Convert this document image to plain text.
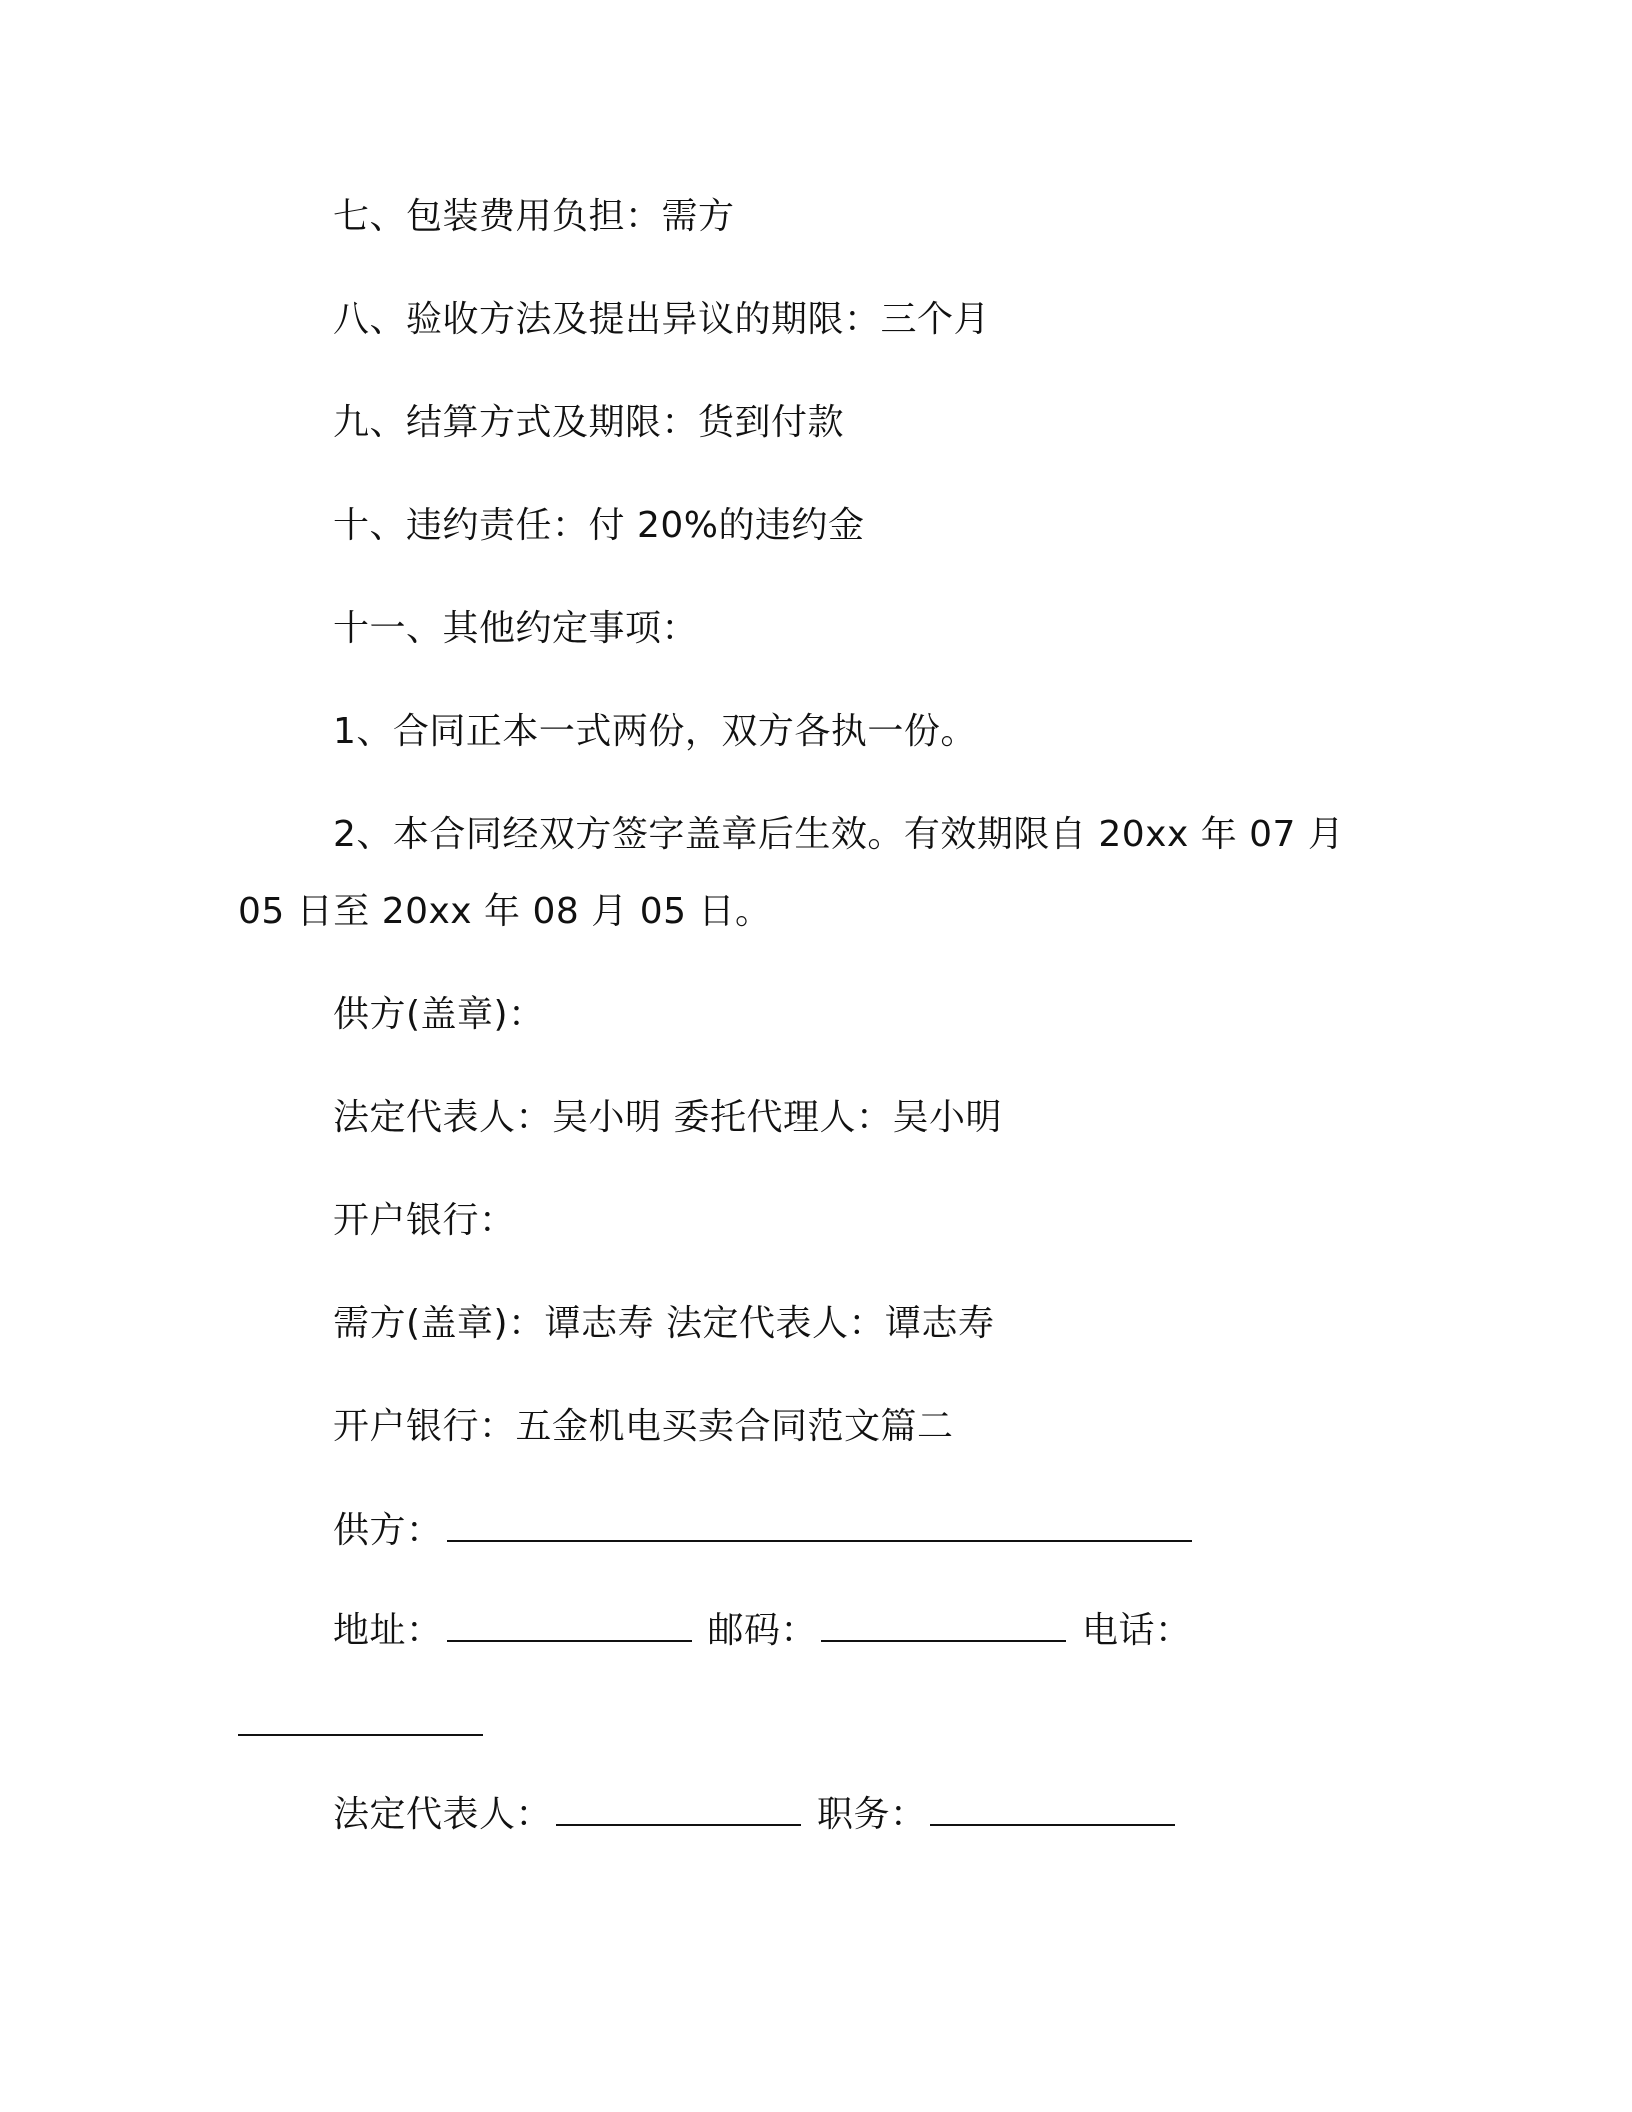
七、包装费用负担：需方
八、验收方法及提出异议的期限：三个月
九、结算方式及期限：货到付款
十、违约责任：付 20%的违约金
十一、其他约定事项：
1、合同正本一式两份，双方各执一份。
2、本合同经双方签字盖章后生效。有效期限自 20xx 年 07 月
05 日至 20xx 年 08 月 05 日。
供方(盖章)：
法定代表人：吴小明 委托代理人：吴小明
开户银行：
需方(盖章)：谭志寿 法定代表人：谭志寿
开户银行：五金机电买卖合同范文篇二
供方：
地址：	邮码：	电话：
法定代表人：	职务：
